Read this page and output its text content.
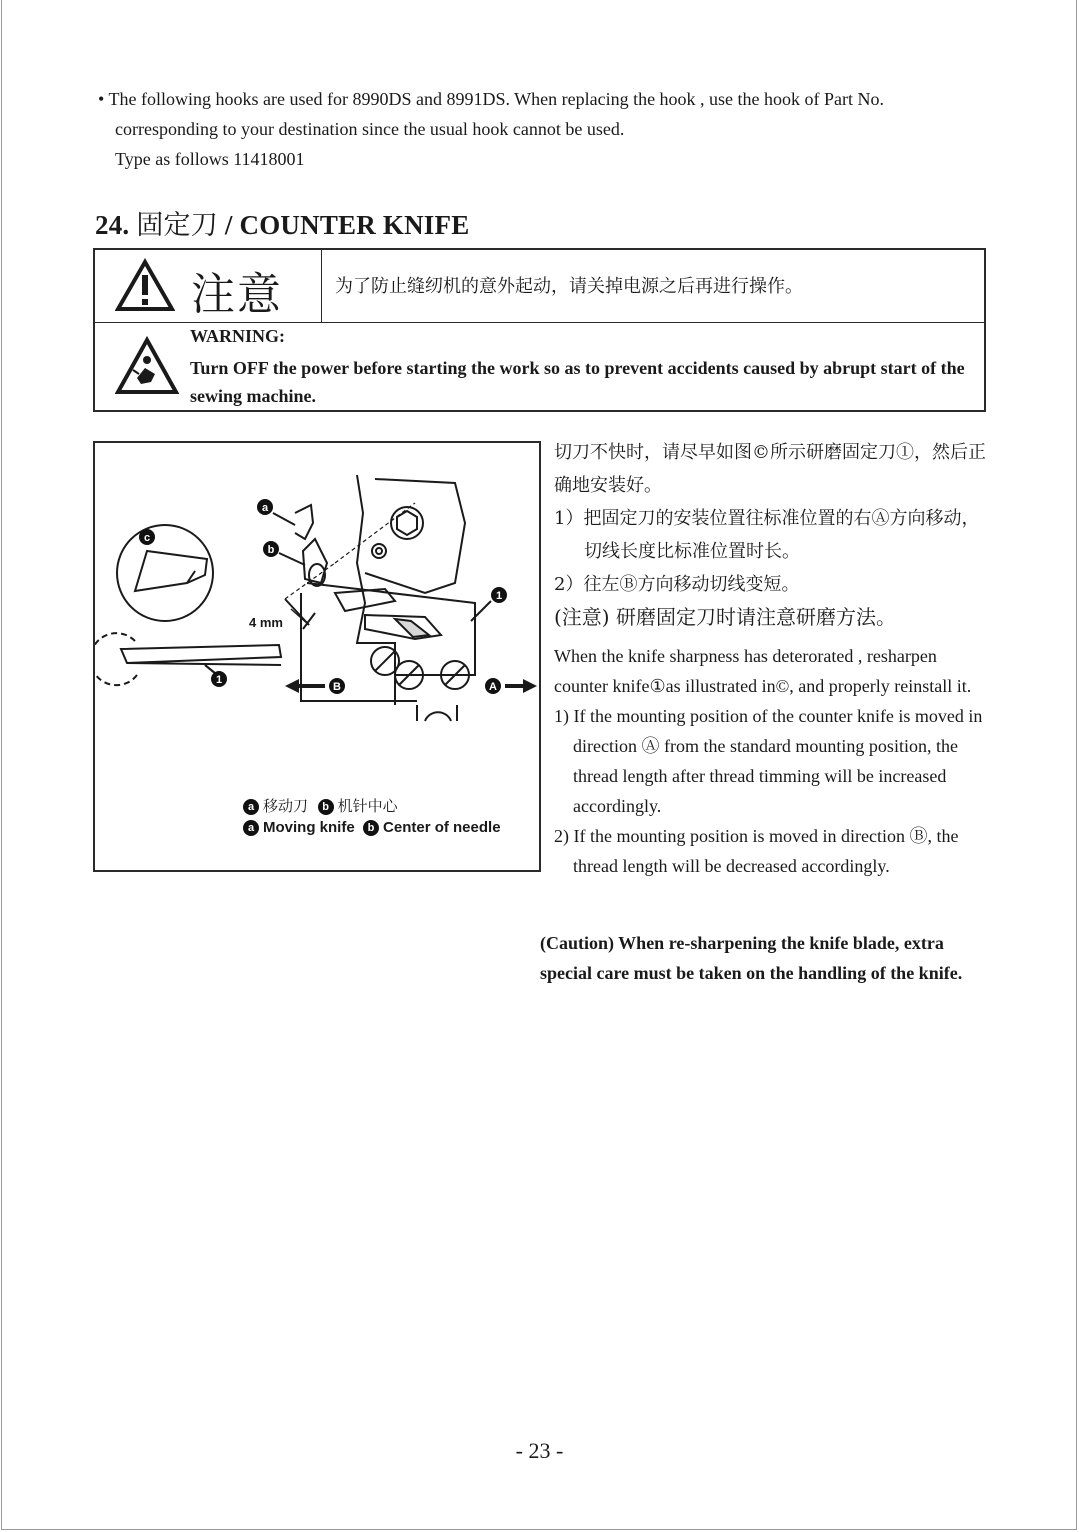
• The following hooks are used for 8990DS and 8991DS. When replacing the hook , use the hook of Part No.
corresponding to your destination since the usual hook cannot be used.
Type as follows 11418001
24. 固定刀 / COUNTER KNIFE
注意	为了防止缝纫机的意外起动，请关掉电源之后再进行操作。
WARNING:
Turn OFF the power before starting the work so as to prevent accidents caused by abrupt start of the sewing machine.
a
b
c
1
1
B	A
4 mm
a 移动刀 b 机针中心
a Moving knife b Center of needle
切刀不快时，请尽早如图©所示研磨固定刀①，然后正确地安装好。
1）把固定刀的安装位置往标准位置的右Ⓐ方向移动，切线长度比标准位置时长。
2）往左Ⓑ方向移动切线变短。
(注意) 研磨固定刀时请注意研磨方法。
When the knife sharpness has deterorated , resharpen counter knife①as illustrated in©, and properly reinstall it.
1) If the mounting position of the counter knife is moved in direction Ⓐ from the standard mounting position, the thread length after thread timming will be increased accordingly.
2) If the mounting position is moved in direction Ⓑ, the thread length will be decreased accordingly.
(Caution) When re-sharpening the knife blade, extra special care must be taken on the handling of the knife.
- 23 -
